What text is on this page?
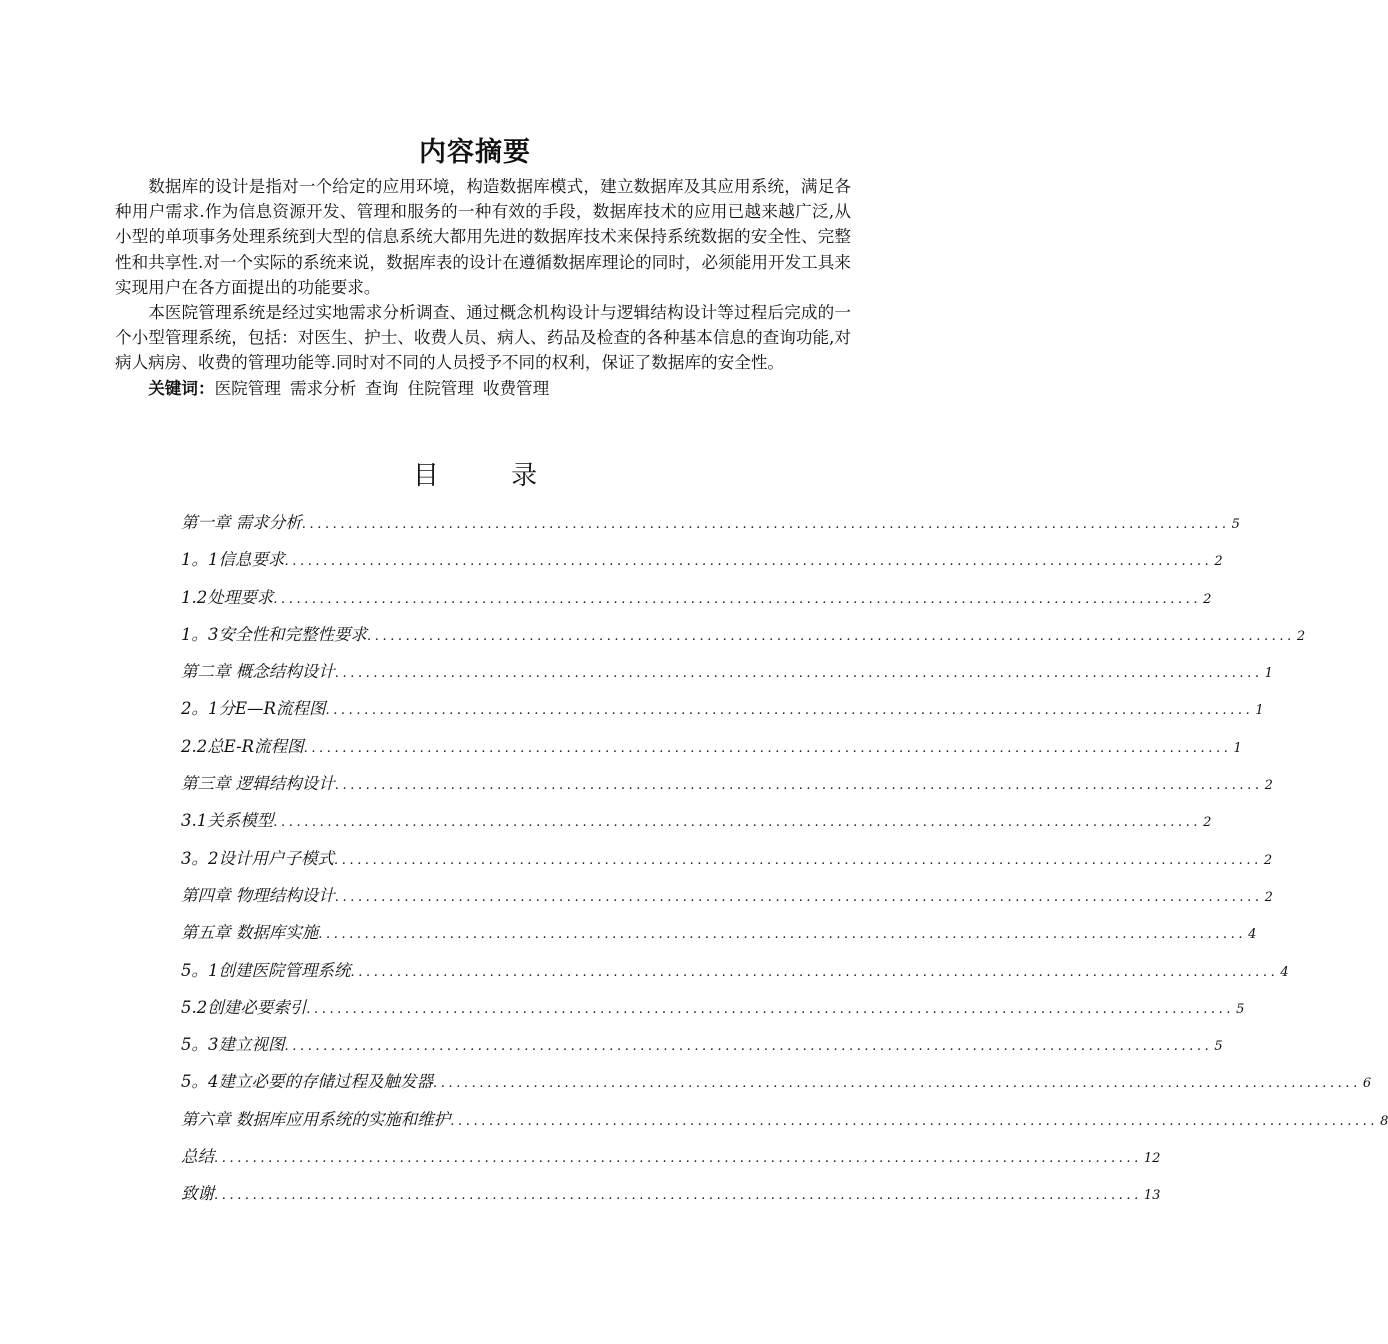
内容摘要

数据库的设计是指对一个给定的应用环境，构造数据库模式，建立数据库及其应用系统，满足各种用户需求.作为信息资源开发、管理和服务的一种有效的手段，数据库技术的应用已越来越广泛,从小型的单项事务处理系统到大型的信息系统大都用先进的数据库技术来保持系统数据的安全性、完整性和共享性.对一个实际的系统来说，数据库表的设计在遵循数据库理论的同时，必须能用开发工具来实现用户在各方面提出的功能要求。

本医院管理系统是经过实地需求分析调查、通过概念机构设计与逻辑结构设计等过程后完成的一个小型管理系统，包括：对医生、护士、收费人员、病人、药品及检查的各种基本信息的查询功能,对病人病房、收费的管理功能等.同时对不同的人员授予不同的权利，保证了数据库的安全性。

关键词：医院管理 需求分析 查询 住院管理 收费管理

目 录
第一章 需求分析 ........................................................................................................................ 5
1。1信息要求 ........................................................................................................................ 2
1.2处理要求 ........................................................................................................................ 2
1。3安全性和完整性要求 ........................................................................................................................ 2
第二章 概念结构设计 ........................................................................................................................ 1
2。1分E—R流程图 ........................................................................................................................ 1
2.2总E-R流程图 ........................................................................................................................ 1
第三章 逻辑结构设计 ........................................................................................................................ 2
3.1关系模型 ........................................................................................................................ 2
3。2设计用户子模式 ........................................................................................................................ 2
第四章 物理结构设计 ........................................................................................................................ 2
第五章 数据库实施 ........................................................................................................................ 4
5。1创建医院管理系统 ........................................................................................................................ 4
5.2创建必要索引 ........................................................................................................................ 5
5。3建立视图 ........................................................................................................................ 5
5。4建立必要的存储过程及触发器 ........................................................................................................................ 6
第六章 数据库应用系统的实施和维护 ........................................................................................................................ 8
总结 ........................................................................................................................ 12
致谢 ........................................................................................................................ 13
